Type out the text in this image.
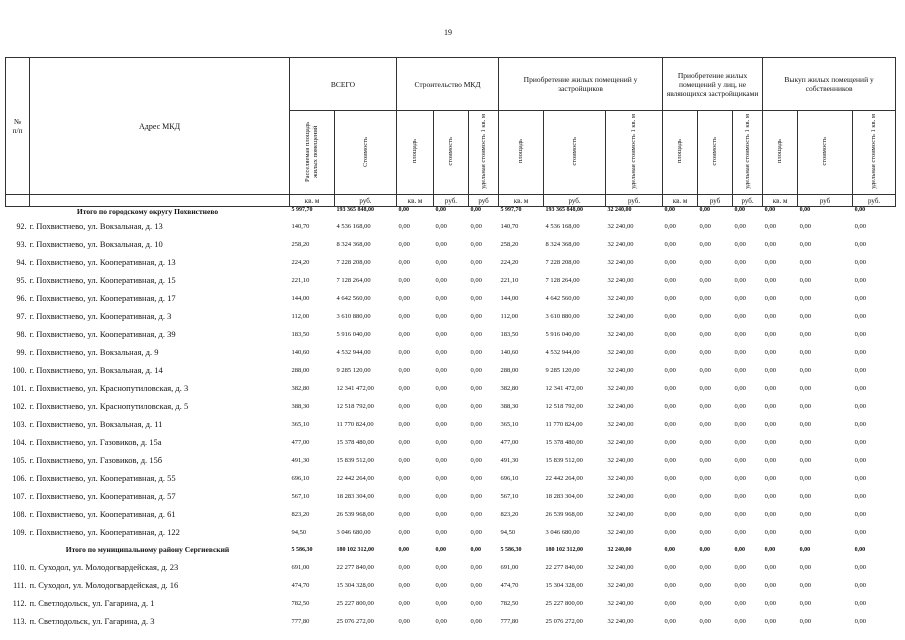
19
№
п/п	Адрес МКД	ВСЕГО		Строительство МКД			Приобретение жилых помещений у застройщиков			Приобретение жилых помещений у лиц, не являющихся застройщиками			Выкуп жилых помещений у собственников		
		Расселяемая площадь жилых помещений	Стоимость	площадь	стоимость	удельная стоимость 1 кв. м	площадь	стоимость	удельная стоимость 1 кв. м	площадь	стоимость	удельная стоимость 1 кв. м	площадь	стоимость	удельная стоимость 1 кв. м
		кв. м	руб.	кв. м	руб.	руб	кв. м	руб.	руб.	кв. м	руб	руб.	кв. м	руб	руб.
Итого по городскому округу Похвистнево		5 997,70	193 365 848,00	0,00	0,00	0,00	5 997,70	193 365 848,00	32 240,00	0,00	0,00	0,00	0,00	0,00	0,00
92.	г. Похвистнево, ул. Вокзальная, д. 13	140,70	4 536 168,00	0,00	0,00	0,00	140,70	4 536 168,00	32 240,00	0,00	0,00	0,00	0,00	0,00	0,00
93.	г. Похвистнево, ул. Вокзальная, д. 10	258,20	8 324 368,00	0,00	0,00	0,00	258,20	8 324 368,00	32 240,00	0,00	0,00	0,00	0,00	0,00	0,00
94.	г. Похвистнево, ул. Кооперативная, д. 13	224,20	7 228 208,00	0,00	0,00	0,00	224,20	7 228 208,00	32 240,00	0,00	0,00	0,00	0,00	0,00	0,00
95.	г. Похвистнево, ул. Кооперативная, д. 15	221,10	7 128 264,00	0,00	0,00	0,00	221,10	7 128 264,00	32 240,00	0,00	0,00	0,00	0,00	0,00	0,00
96.	г. Похвистнево, ул. Кооперативная, д. 17	144,00	4 642 560,00	0,00	0,00	0,00	144,00	4 642 560,00	32 240,00	0,00	0,00	0,00	0,00	0,00	0,00
97.	г. Похвистнево, ул. Кооперативная, д. 3	112,00	3 610 880,00	0,00	0,00	0,00	112,00	3 610 880,00	32 240,00	0,00	0,00	0,00	0,00	0,00	0,00
98.	г. Похвистнево, ул. Кооперативная, д. 39	183,50	5 916 040,00	0,00	0,00	0,00	183,50	5 916 040,00	32 240,00	0,00	0,00	0,00	0,00	0,00	0,00
99.	г. Похвистнево, ул. Вокзальная, д. 9	140,60	4 532 944,00	0,00	0,00	0,00	140,60	4 532 944,00	32 240,00	0,00	0,00	0,00	0,00	0,00	0,00
100.	г. Похвистнево, ул. Вокзальная, д. 14	288,00	9 285 120,00	0,00	0,00	0,00	288,00	9 285 120,00	32 240,00	0,00	0,00	0,00	0,00	0,00	0,00
101.	г. Похвистнево, ул. Краснопутиловская, д. 3	382,80	12 341 472,00	0,00	0,00	0,00	382,80	12 341 472,00	32 240,00	0,00	0,00	0,00	0,00	0,00	0,00
102.	г. Похвистнево, ул. Краснопутиловская, д. 5	388,30	12 518 792,00	0,00	0,00	0,00	388,30	12 518 792,00	32 240,00	0,00	0,00	0,00	0,00	0,00	0,00
103.	г. Похвистнево, ул. Вокзальная, д. 11	365,10	11 770 824,00	0,00	0,00	0,00	365,10	11 770 824,00	32 240,00	0,00	0,00	0,00	0,00	0,00	0,00
104.	г. Похвистнево, ул. Газовиков, д. 15а	477,00	15 378 480,00	0,00	0,00	0,00	477,00	15 378 480,00	32 240,00	0,00	0,00	0,00	0,00	0,00	0,00
105.	г. Похвистнево, ул. Газовиков, д. 15б	491,30	15 839 512,00	0,00	0,00	0,00	491,30	15 839 512,00	32 240,00	0,00	0,00	0,00	0,00	0,00	0,00
106.	г. Похвистнево, ул. Кооперативная, д. 55	696,10	22 442 264,00	0,00	0,00	0,00	696,10	22 442 264,00	32 240,00	0,00	0,00	0,00	0,00	0,00	0,00
107.	г. Похвистнево, ул. Кооперативная, д. 57	567,10	18 283 304,00	0,00	0,00	0,00	567,10	18 283 304,00	32 240,00	0,00	0,00	0,00	0,00	0,00	0,00
108.	г. Похвистнево, ул. Кооперативная, д. 61	823,20	26 539 968,00	0,00	0,00	0,00	823,20	26 539 968,00	32 240,00	0,00	0,00	0,00	0,00	0,00	0,00
109.	г. Похвистнево, ул. Кооперативная, д. 122	94,50	3 046 680,00	0,00	0,00	0,00	94,50	3 046 680,00	32 240,00	0,00	0,00	0,00	0,00	0,00	0,00
Итого по муниципальному району Сергиевский		5 586,30	180 102 312,00	0,00	0,00	0,00	5 586,30	180 102 312,00	32 240,00	0,00	0,00	0,00	0,00	0,00	0,00
110.	п. Суходол, ул. Молодогвардейская, д. 23	691,00	22 277 840,00	0,00	0,00	0,00	691,00	22 277 840,00	32 240,00	0,00	0,00	0,00	0,00	0,00	0,00
111.	п. Суходол, ул. Молодогвардейская, д. 16	474,70	15 304 328,00	0,00	0,00	0,00	474,70	15 304 328,00	32 240,00	0,00	0,00	0,00	0,00	0,00	0,00
112.	п. Светлодольск, ул. Гагарина, д. 1	782,50	25 227 800,00	0,00	0,00	0,00	782,50	25 227 800,00	32 240,00	0,00	0,00	0,00	0,00	0,00	0,00
113.	п. Светлодольск, ул. Гагарина, д. 3	777,80	25 076 272,00	0,00	0,00	0,00	777,80	25 076 272,00	32 240,00	0,00	0,00	0,00	0,00	0,00	0,00
